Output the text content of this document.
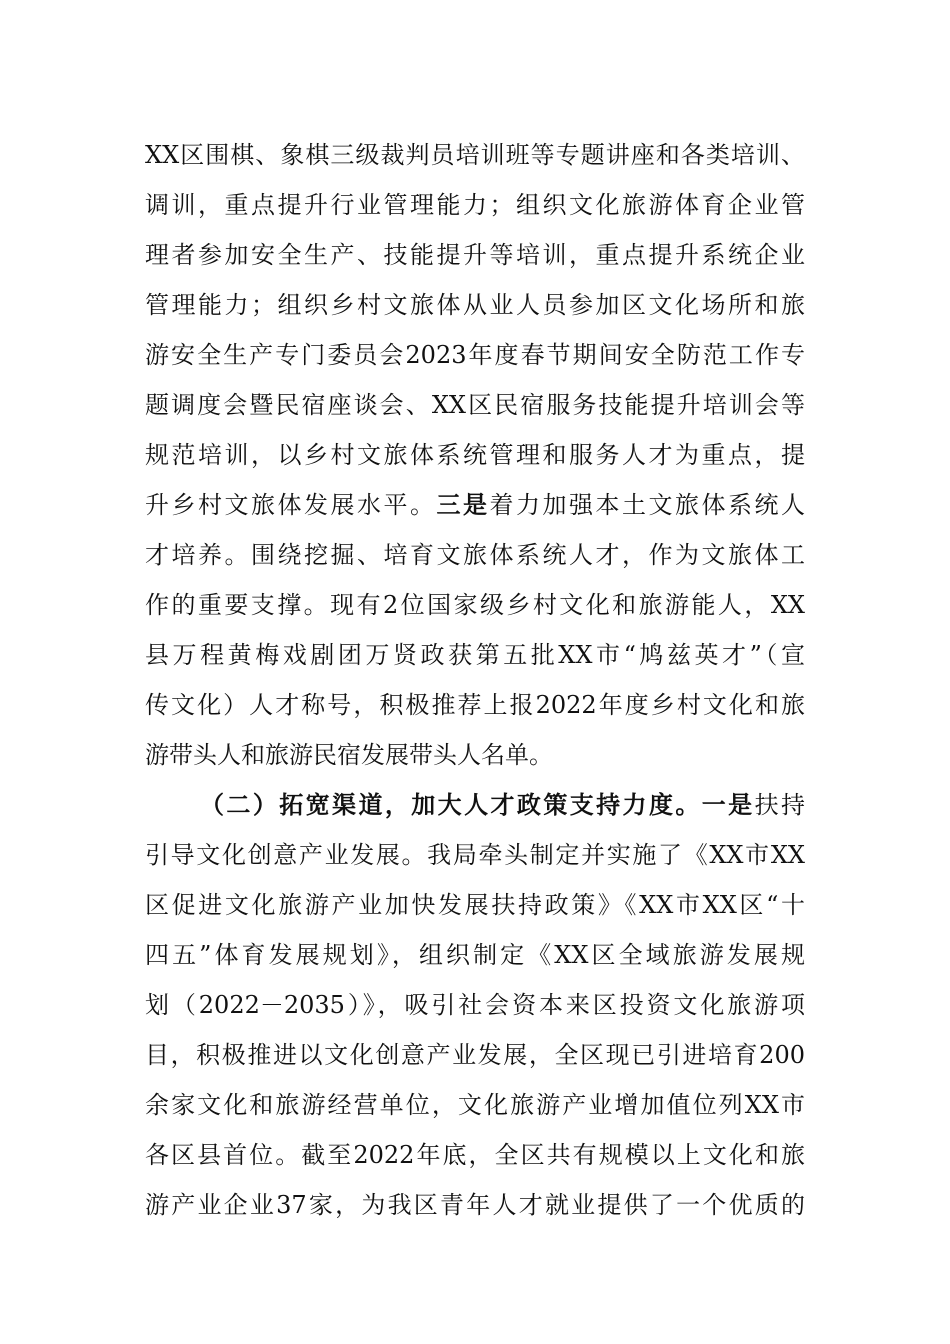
XX区围棋、象棋三级裁判员培训班等专题讲座和各类培训、
调训，重点提升行业管理能力；组织文化旅游体育企业管
理者参加安全生产、技能提升等培训，重点提升系统企业
管理能力；组织乡村文旅体从业人员参加区文化场所和旅
游安全生产专门委员会2023年度春节期间安全防范工作专
题调度会暨民宿座谈会、XX区民宿服务技能提升培训会等
规范培训，以乡村文旅体系统管理和服务人才为重点，提
升乡村文旅体发展水平。三是着力加强本土文旅体系统人
才培养。围绕挖掘、培育文旅体系统人才，作为文旅体工
作的重要支撑。现有2位国家级乡村文化和旅游能人，XX
县万程黄梅戏剧团万贤政获第五批XX市“鸠兹英才”（宣
传文化）人才称号，积极推荐上报2022年度乡村文化和旅
游带头人和旅游民宿发展带头人名单。
（二）拓宽渠道，加大人才政策支持力度。一是扶持
引导文化创意产业发展。我局牵头制定并实施了《XX市XX
区促进文化旅游产业加快发展扶持政策》《XX市XX区“十
四五”体育发展规划》，组织制定《XX区全域旅游发展规
划（2022－2035）》，吸引社会资本来区投资文化旅游项
目，积极推进以文化创意产业发展，全区现已引进培育200
余家文化和旅游经营单位，文化旅游产业增加值位列XX市
各区县首位。截至2022年底，全区共有规模以上文化和旅
游产业企业37家，为我区青年人才就业提供了一个优质的
